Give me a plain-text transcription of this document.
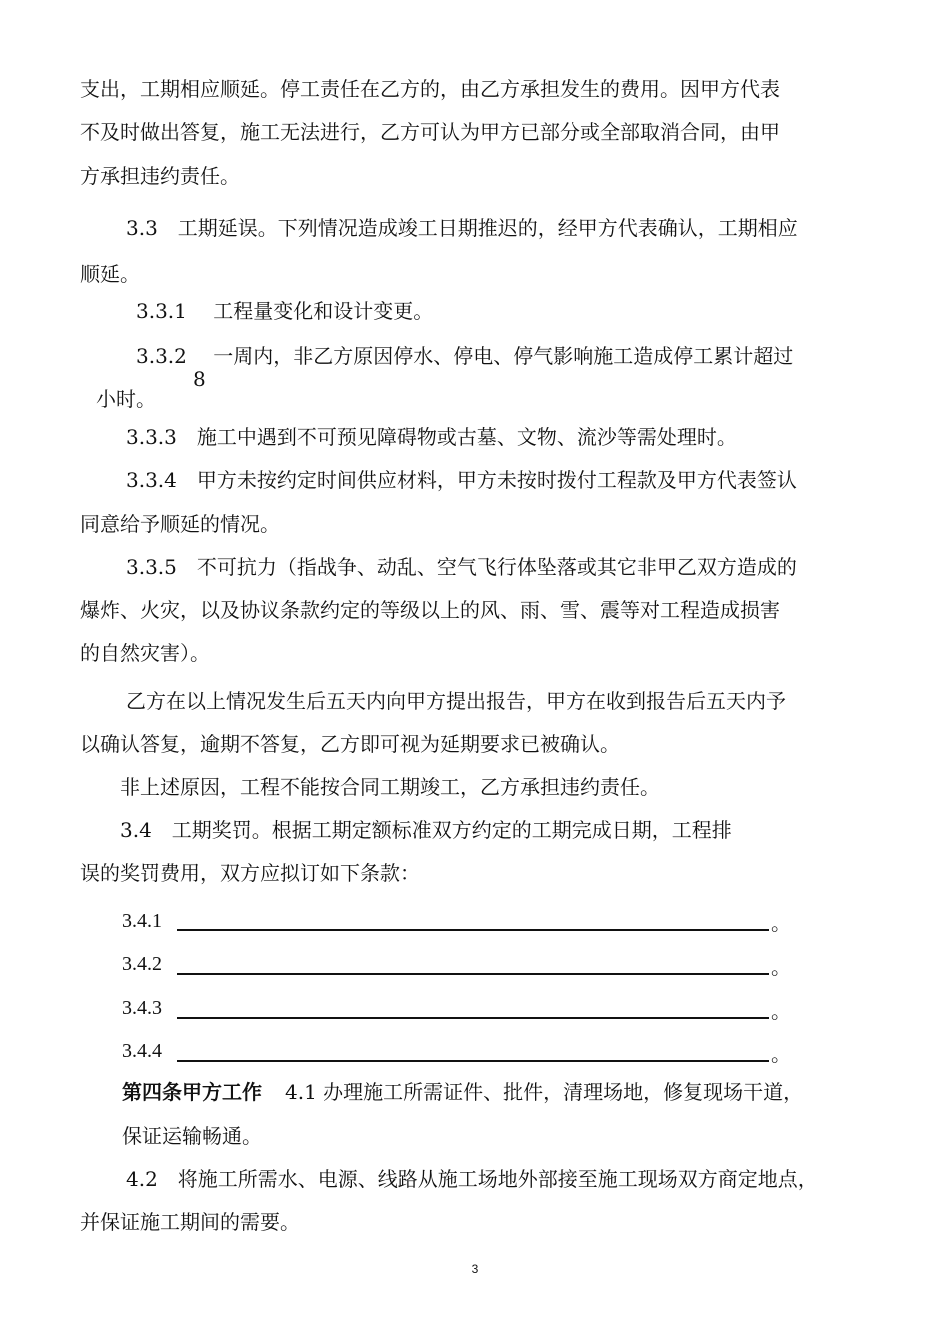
支出，工期相应顺延。停工责任在乙方的，由乙方承担发生的费用。因甲方代表
不及时做出答复，施工无法进行，乙方可认为甲方已部分或全部取消合同，由甲
方承担违约责任。
3.3　工期延误。下列情况造成竣工日期推迟的，经甲方代表确认，工期相应
顺延。
3.3.1　 工程量变化和设计变更。
3.3.2　 一周内，非乙方原因停水、停电、停气影响施工造成停工累计超过
8
小时。
3.3.3　施工中遇到不可预见障碍物或古墓、文物、流沙等需处理时。
3.3.4　甲方未按约定时间供应材料，甲方未按时拨付工程款及甲方代表签认
同意给予顺延的情况。
3.3.5　不可抗力（指战争、动乱、空气飞行体坠落或其它非甲乙双方造成的
爆炸、火灾，以及协议条款约定的等级以上的风、雨、雪、震等对工程造成损害
的自然灾害）。
乙方在以上情况发生后五天内向甲方提出报告，甲方在收到报告后五天内予
以确认答复，逾期不答复，乙方即可视为延期要求已被确认。
非上述原因，工程不能按合同工期竣工，乙方承担违约责任。
3.4　工期奖罚。根据工期定额标准双方约定的工期完成日期，工程排
误的奖罚费用，双方应拟订如下条款：
3.4.1	。
3.4.2	。
3.4.3	。
3.4.4	。
第四条甲方工作 4.1 办理施工所需证件、批件，清理场地，修复现场干道，
保证运输畅通。
4.2　将施工所需水、电源、线路从施工场地外部接至施工现场双方商定地点，
并保证施工期间的需要。
3
